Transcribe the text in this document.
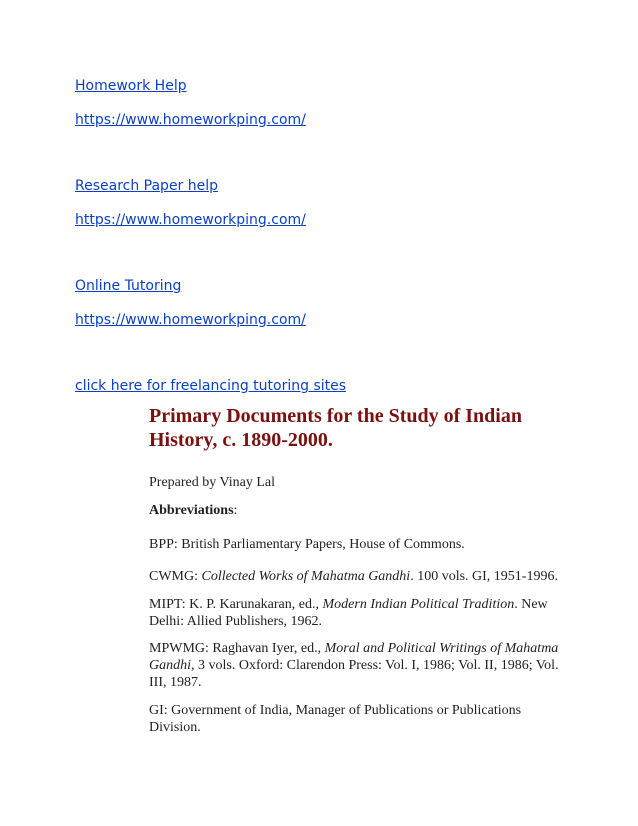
Homework Help
https://www.homeworkping.com/
Research Paper help
https://www.homeworkping.com/
Online Tutoring
https://www.homeworkping.com/
click here for freelancing tutoring sites
Primary Documents for the Study of Indian
History, c. 1890-2000.

Prepared by Vinay Lal

Abbreviations:

BPP: British Parliamentary Papers, House of Commons.

CWMG: Collected Works of Mahatma Gandhi. 100 vols. GI, 1951-1996.

MIPT: K. P. Karunakaran, ed., Modern Indian Political Tradition. New Delhi: Allied Publishers, 1962.

MPWMG: Raghavan Iyer, ed., Moral and Political Writings of Mahatma Gandhi, 3 vols. Oxford: Clarendon Press: Vol. I, 1986; Vol. II, 1986; Vol. III, 1987.

GI: Government of India, Manager of Publications or Publications Division.
